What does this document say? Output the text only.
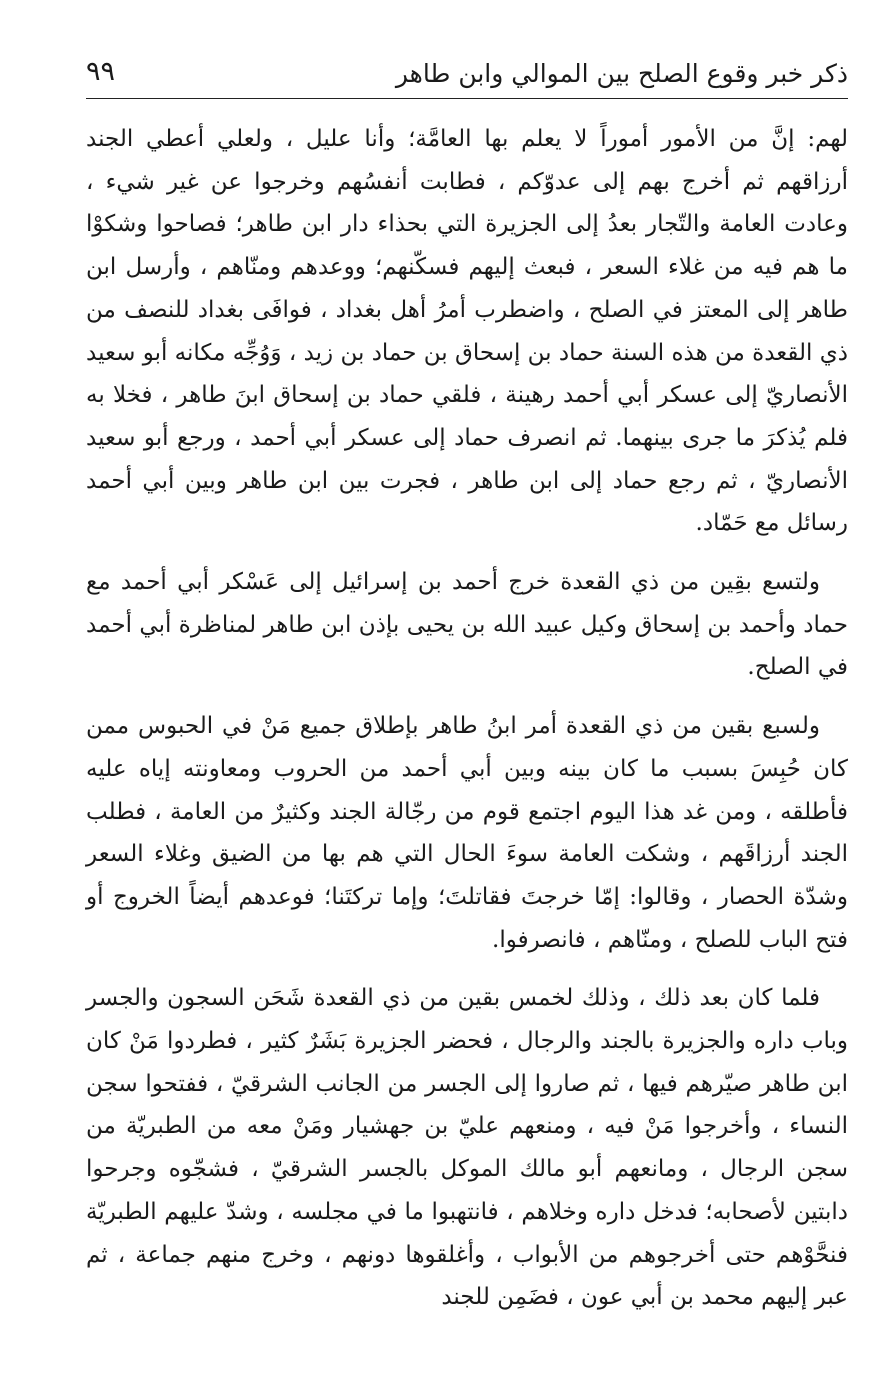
ذكر خبر وقوع الصلح بين الموالي وابن طاهر
٩٩

لهم: إنَّ من الأمور أموراً لا يعلم بها العامَّة؛ وأنا عليل ، ولعلي أعطي الجند أرزاقهم ثم أخرج بهم إلى عدوّكم ، فطابت أنفسُهم وخرجوا عن غير شيء ، وعادت العامة والتّجار بعدُ إلى الجزيرة التي بحذاء دار ابن طاهر؛ فصاحوا وشكوْا ما هم فيه من غلاء السعر ، فبعث إليهم فسكّنهم؛ ووعدهم ومنّاهم ، وأرسل ابن طاهر إلى المعتز في الصلح ، واضطرب أمرُ أهل بغداد ، فوافَى بغداد للنصف من ذي القعدة من هذه السنة حماد بن إسحاق بن حماد بن زيد ، وَوُجِّه مكانه أبو سعيد الأنصاريّ إلى عسكر أبي أحمد رهينة ، فلقي حماد بن إسحاق ابنَ طاهر ، فخلا به فلم يُذكرَ ما جرى بينهما. ثم انصرف حماد إلى عسكر أبي أحمد ، ورجع أبو سعيد الأنصاريّ ، ثم رجع حماد إلى ابن طاهر ، فجرت بين ابن طاهر وبين أبي أحمد رسائل مع حَمّاد.

ولتسع بقِين من ذي القعدة خرج أحمد بن إسرائيل إلى عَسْكر أبي أحمد مع حماد وأحمد بن إسحاق وكيل عبيد الله بن يحيى بإذن ابن طاهر لمناظرة أبي أحمد في الصلح.

ولسبع بقين من ذي القعدة أمر ابنُ طاهر بإطلاق جميع مَنْ في الحبوس ممن كان حُبِسَ بسبب ما كان بينه وبين أبي أحمد من الحروب ومعاونته إياه عليه فأطلقه ، ومن غد هذا اليوم اجتمع قوم من رجّالة الجند وكثيرٌ من العامة ، فطلب الجند أرزاقَهم ، وشكت العامة سوءَ الحال التي هم بها من الضيق وغلاء السعر وشدّة الحصار ، وقالوا: إمّا خرجتَ فقاتلتَ؛ وإما تركتَنا؛ فوعدهم أيضاً الخروج أو فتح الباب للصلح ، ومنّاهم ، فانصرفوا.

فلما كان بعد ذلك ، وذلك لخمس بقين من ذي القعدة شَحَن السجون والجسر وباب داره والجزيرة بالجند والرجال ، فحضر الجزيرة بَشَرٌ كثير ، فطردوا مَنْ كان ابن طاهر صيّرهم فيها ، ثم صاروا إلى الجسر من الجانب الشرقيّ ، ففتحوا سجن النساء ، وأخرجوا مَنْ فيه ، ومنعهم عليّ بن جهشيار ومَنْ معه من الطبريّة من سجن الرجال ، ومانعهم أبو مالك الموكل بالجسر الشرقيّ ، فشجّوه وجرحوا دابتين لأصحابه؛ فدخل داره وخلاهم ، فانتهبوا ما في مجلسه ، وشدّ عليهم الطبريّة فنحَّوْهم حتى أخرجوهم من الأبواب ، وأغلقوها دونهم ، وخرج منهم جماعة ، ثم عبر إليهم محمد بن أبي عون ، فضَمِن للجند
